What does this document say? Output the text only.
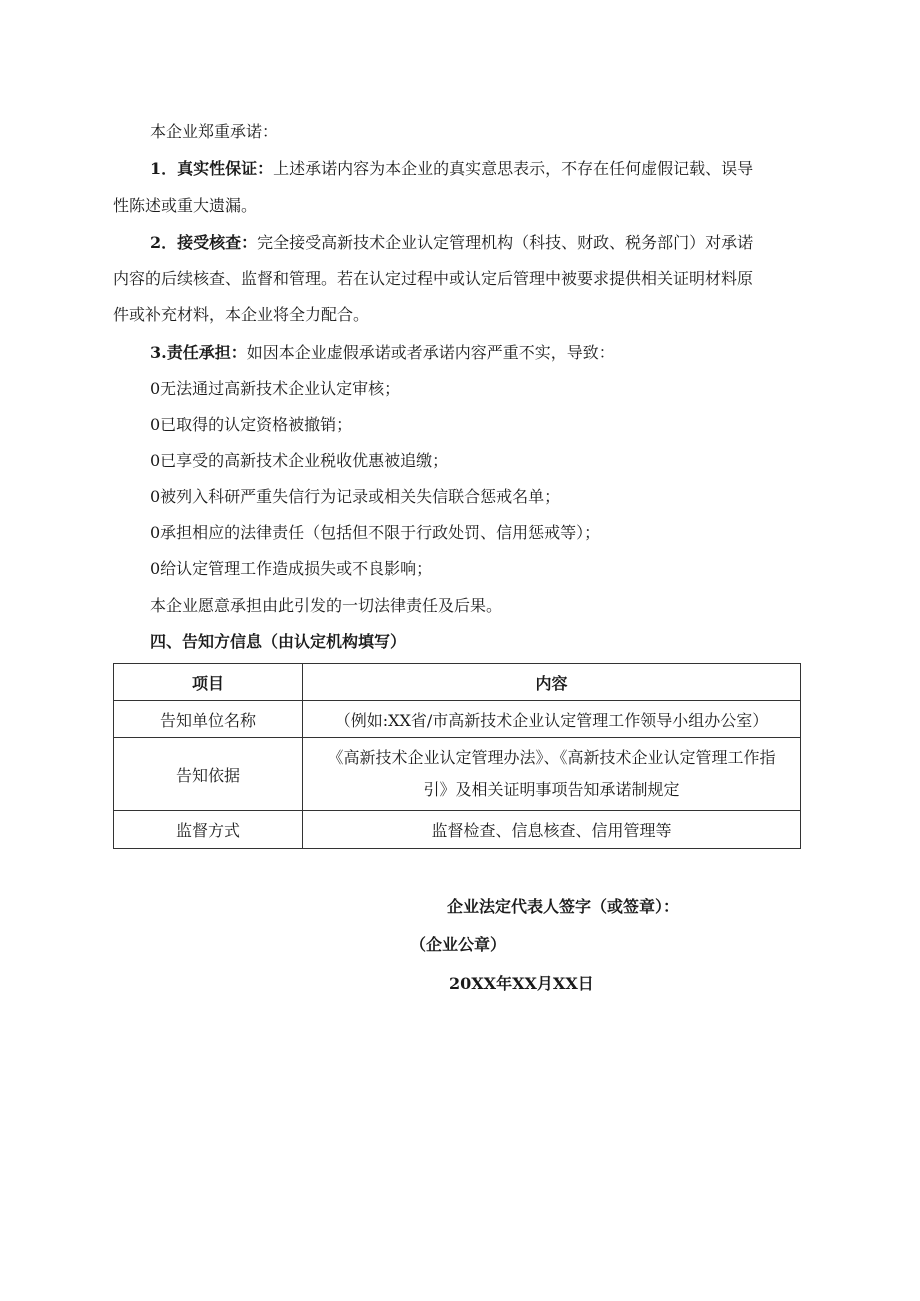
本企业郑重承诺：
1．真实性保证：上述承诺内容为本企业的真实意思表示，不存在任何虚假记载、误导
性陈述或重大遗漏。
2．接受核查：完全接受高新技术企业认定管理机构（科技、财政、税务部门）对承诺
内容的后续核查、监督和管理。若在认定过程中或认定后管理中被要求提供相关证明材料原
件或补充材料，本企业将全力配合。
3.责任承担：如因本企业虚假承诺或者承诺内容严重不实，导致：
0无法通过高新技术企业认定审核；
0已取得的认定资格被撤销；
0已享受的高新技术企业税收优惠被追缴；
0被列入科研严重失信行为记录或相关失信联合惩戒名单；
0承担相应的法律责任（包括但不限于行政处罚、信用惩戒等）；
0给认定管理工作造成损失或不良影响；
本企业愿意承担由此引发的一切法律责任及后果。
四、告知方信息（由认定机构填写）
项目	内容
告知单位名称	（例如:XX省/市高新技术企业认定管理工作领导小组办公室）
告知依据	《高新技术企业认定管理办法》、《高新技术企业认定管理工作指
引》及相关证明事项告知承诺制规定
监督方式	监督检查、信息核查、信用管理等
企业法定代表人签字（或签章）：
（企业公章）
20XX年XX月XX日
